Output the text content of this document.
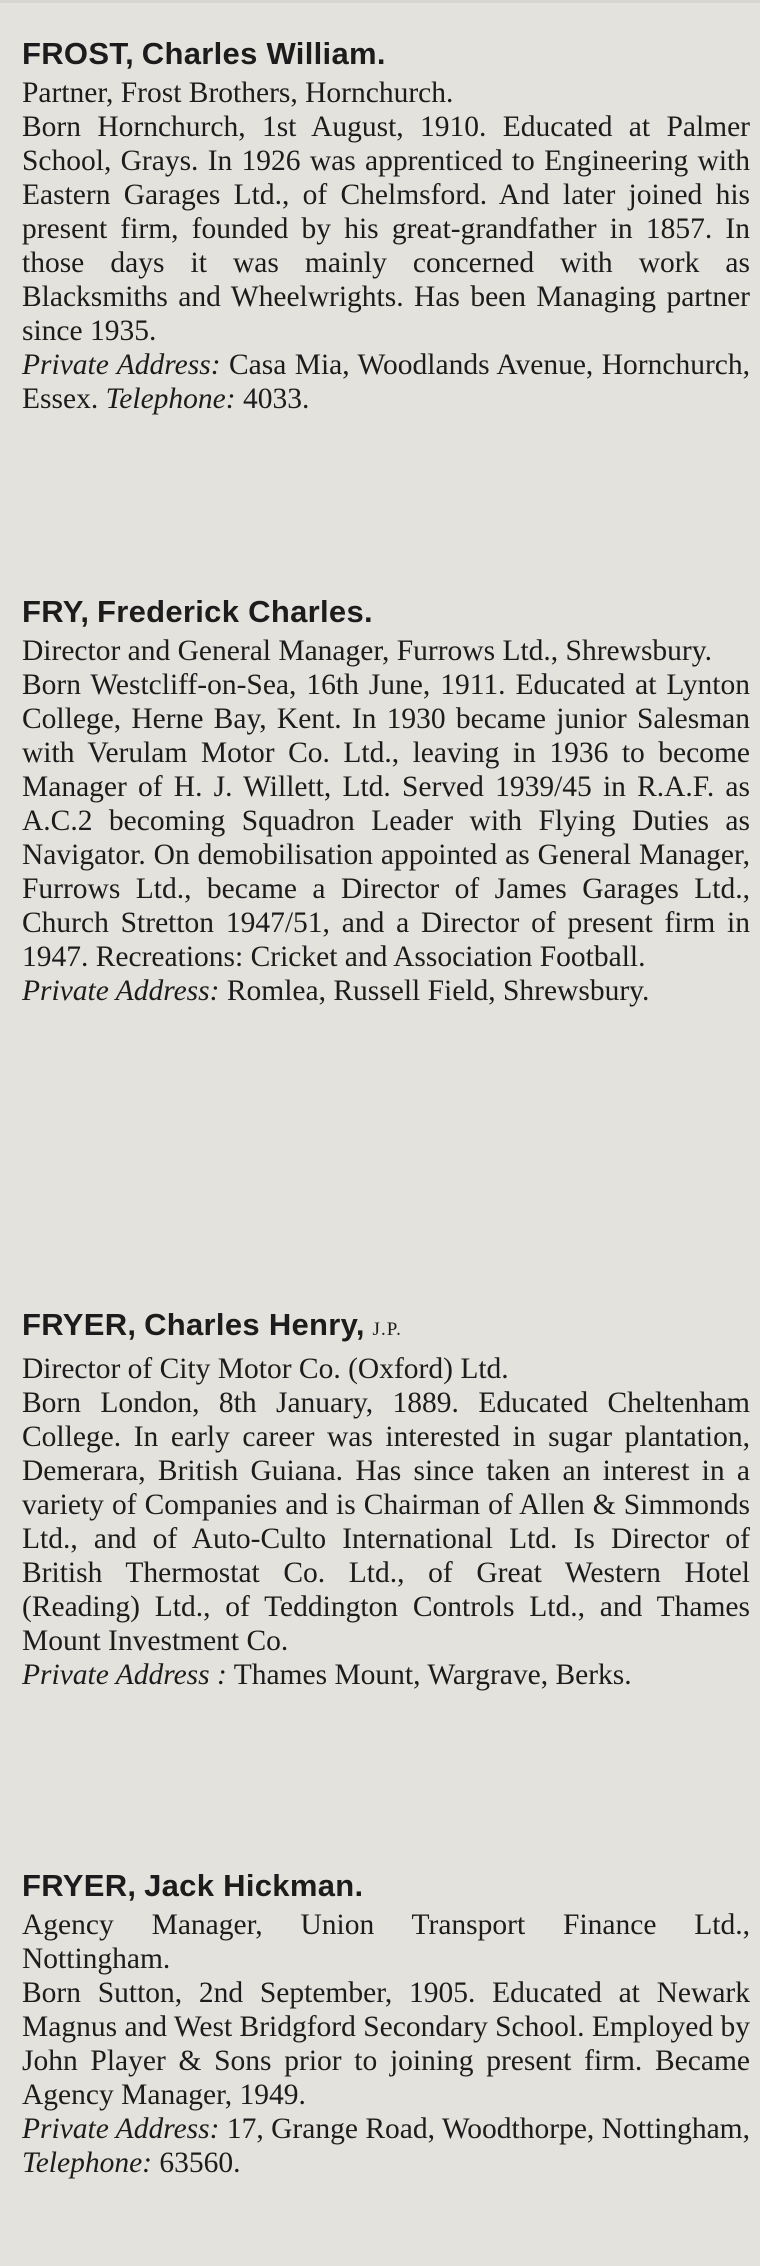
FROST, Charles William.
Partner, Frost Brothers, Hornchurch.
Born Hornchurch, 1st August, 1910. Educated at Palmer School, Grays. In 1926 was apprenticed to Engineering with Eastern Garages Ltd., of Chelmsford. And later joined his present firm, founded by his great-grandfather in 1857. In those days it was mainly concerned with work as Blacksmiths and Wheelwrights. Has been Managing partner since 1935.
Private Address: Casa Mia, Woodlands Avenue, Hornchurch, Essex. Telephone: 4033.
FRY, Frederick Charles.
Director and General Manager, Furrows Ltd., Shrewsbury.
Born Westcliff-on-Sea, 16th June, 1911. Educated at Lynton College, Herne Bay, Kent. In 1930 became junior Salesman with Verulam Motor Co. Ltd., leaving in 1936 to become Manager of H. J. Willett, Ltd. Served 1939/45 in R.A.F. as A.C.2 becoming Squadron Leader with Flying Duties as Navigator. On demobilisation appointed as General Manager, Furrows Ltd., became a Director of James Garages Ltd., Church Stretton 1947/51, and a Director of present firm in 1947. Recreations: Cricket and Association Football.
Private Address: Romlea, Russell Field, Shrewsbury.
FRYER, Charles Henry, J.P.
Director of City Motor Co. (Oxford) Ltd.
Born London, 8th January, 1889. Educated Cheltenham College. In early career was interested in sugar plantation, Demerara, British Guiana. Has since taken an interest in a variety of Companies and is Chairman of Allen & Simmonds Ltd., and of Auto-Culto International Ltd. Is Director of British Thermostat Co. Ltd., of Great Western Hotel (Reading) Ltd., of Teddington Controls Ltd., and Thames Mount Investment Co.
Private Address : Thames Mount, Wargrave, Berks.
FRYER, Jack Hickman.
Agency Manager, Union Transport Finance Ltd., Nottingham.
Born Sutton, 2nd September, 1905. Educated at Newark Magnus and West Bridgford Secondary School. Employed by John Player & Sons prior to joining present firm. Became Agency Manager, 1949.
Private Address: 17, Grange Road, Woodthorpe, Nottingham, Telephone: 63560.
